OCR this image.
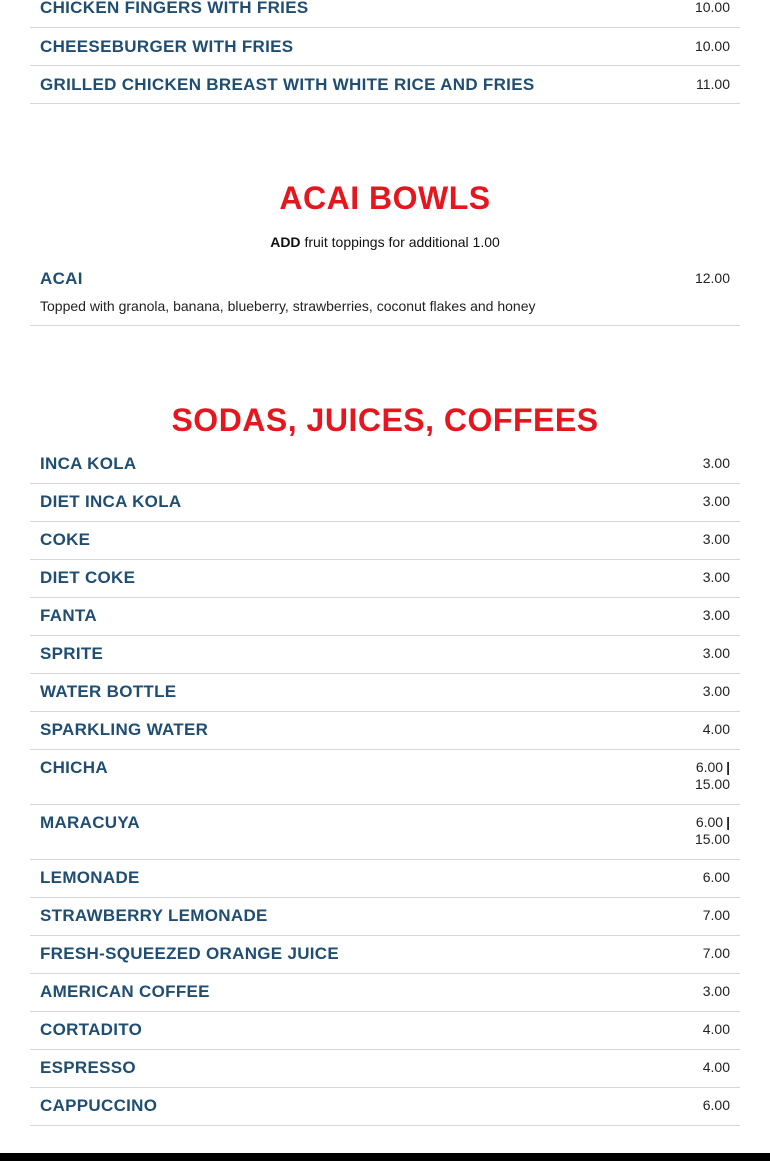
CHICKEN FINGERS WITH FRIES	10.00
CHEESEBURGER WITH FRIES	10.00
GRILLED CHICKEN BREAST WITH WHITE RICE AND FRIES	11.00
ACAI BOWLS
ADD fruit toppings for additional 1.00
ACAI	12.00
Topped with granola, banana, blueberry, strawberries, coconut flakes and honey
SODAS, JUICES, COFFEES
INCA KOLA	3.00
DIET INCA KOLA	3.00
COKE	3.00
DIET COKE	3.00
FANTA	3.00
SPRITE	3.00
WATER BOTTLE	3.00
SPARKLING WATER	4.00
CHICHA	6.00 |
15.00
MARACUYA	6.00 |
15.00
LEMONADE	6.00
STRAWBERRY LEMONADE	7.00
FRESH-SQUEEZED ORANGE JUICE	7.00
AMERICAN COFFEE	3.00
CORTADITO	4.00
ESPRESSO	4.00
CAPPUCCINO	6.00
